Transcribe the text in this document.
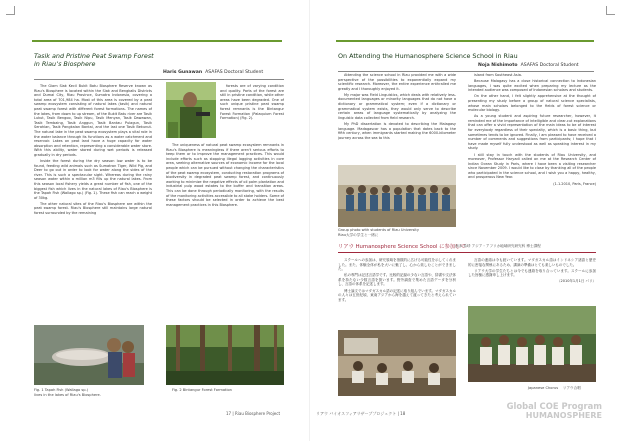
Tasik and Pristine Peat Swamp Forest
in Riau’s Biosphere
Haris Gunawan ASAFAS Doctoral Student

The Giam Siak Kecil Bukit Batu Biosphere Reserve known as Riau's Biosphere is located within the Siak and Bengkalis Districts and Dumai City, Riau Province, Sumatra Indonesia, covering a total area of 701,984 ha. Most of this area is covered by a peat swamp ecosystem consisting of natural lakes (tasik) and natural peat swamp forest with different forest formations. The names of the lakes, from down to up stream, of the Bukit Batu river are Tasik Lukut, Tasik Bengoo, Tasik Nipu, Tasik Menyan, Tasik Dawawan, Tasik Tembaing, Tasik Anggun, Tasik Bantau Pulagun, Tasik Serahlan, Tasik Pangkalan Bantai, and the last one Tasik Bekunut. The natural lake in the peat swamp ecosystem plays a vital role in the water balance through its functions as a water catchment and reservoir. Lakes on peat land have a huge capacity for water absorption and retention, representing a considerable water store. With this ability, water stored during wet periods is released gradually in dry periods.

Inside the forest during the dry season low water is to be found, feeding wild animals such as Sumatran Tiger, Wild Pig, and Deer to go out in order to look for water along the sides of the river. This is such a spectacular sight. Whereas during the rainy season water within a million m3 fills up the natural lakes. From this season local fishery yields a great number of fish, one of the biggest fish which lives in the natural lakes of Riau's Biosphere is the Tapah Fish (Wallago sp.) (Fig. 1). These fish can reach a weight of 30kg.

The other natural sites of the Riau's Biosphere are within the peat swamp forest. Riau's Biosphere still maintains large natural forest surrounded by the remaining

forests are of varying condition and quality. Parts of the forest are still in pristine condition, while other areas have been degraded. One of such unique pristine peat swamp forest remnants is the Bintangur Forest Formation (Palaquium Forest Formation) (Fig. 2).

The uniqueness of natural peat swamp ecosystem remnants in Riau's Biosphere is meaningless if there aren't serious efforts to keep them or to improve the management practices. This would include efforts such as stopping illegal logging activities in core area, seeking alternative sources of economic income for the local people which can be pursued without changing the characteristics of the peat swamp ecosystem, conducting restoration programs of biodiversity in degraded peat swamp forest, and continuously working to minimize the negative effects of oil palm plantation and industrial pulp wood estates to the buffer and transition areas. This can be done through periodically monitoring, with the results of the monitoring activities accessible to all stake holders. Some of these factors should be selected in order to achieve the best management practices in this Biosphere.

Fig. 1 Tapah Fish (Wallago sp.)
lives in the lakes of Riau's Biosphere.
Fig. 2 Bintangur Forest Formation
17 | Riau Biosphere Project
On Attending the Humanosphere Science School in Riau
Noja Nishimoto ASAFAS Doctoral Student

Attending the science school in Riau provided me with a wide perspective of the possibilities to exponentially expand my scientific research. Moreover, the entire experience enthralled me greatly and I thoroughly enjoyed it.

My major was Field Linguistics, which deals with relatively less-documented languages or minority languages that do not have a dictionary or grammatical system; even if a dictionary or grammatical system exists, they would only serve to describe certain areas of language systematically by analyzing the linguistic data collected from field research.

My PhD dissertation is devoted to describing the Malagasy language. Madagascar has a population that dates back to the fifth century, when immigrants started making the 6000-kilometer journey across the sea to this

Group photo with students of Riau University
Riau大学の学生と一緒に

island from Southeast Asia.

Because Malagasy has a close historical connection to Indonesian languages, I was quite excited when preparing my lecture as the intended audience was composed of Indonesian scholars and students.

On the other hand, I felt slightly apprehensive at the thought of presenting my study before a group of natural science specialists, whose main scholars belonged to the fields of forest science or molecular biology.

As a young student and aspiring future researcher, however, it reminded me of the importance of intelligible and clear-cut explanations that can offer a vivid representation of the main ideas to be of interest for everybody regardless of their specialty, which is a basic thing, but sometimes tends to be ignored. Finally, I am pleased to have received a number of comments and suggestions from participants; I hope that I have made myself fully understood as well as speaking interest in my study.

I still stay in touch with the students of Riau University, and moreover, Professor Haryadi called on me at the Research Center of Indian Ocean Study in Paris, where I have been a visiting researcher since November 2009. I would like to close by thanking all of the people who participated in the science school, and I wish you a happy, healthy, and prosperous New Year.

(1.1.2010, Paris, France)

リアウ Humanosphere Science School に参加して
西本 希呼 アジア・アフリカ地域研究研究科 博士課程

スクールへの参加は、研究領域を指数的に広げる可能性を示してくれました。また、体験全体が私を大いに魅了し、心から楽しむことができました。

私の専門は記述言語学です。比較的記録の少ない言語や、辞書や文法体系を持たない少数言語を扱います。野外調査で集めた言語データを分析し、言語の体系を記述します。

博士論文ではマダガスカル語の記述に取り組んでいます。マダガスカルの人々は五世紀頃、東南アジアから海を越えて渡ってきたと考えられています。

言語の連絡は今も続いています。マダガスカル語はインドネシア諸語と歴史的に密接な関係にあるため、講演の準備はとても楽しいものでした。

リアウ大学の学生たちとは今でも連絡を取り合っています。スクールに参加した皆様に感謝申し上げます。

（2010年1月1日 パリ）

Japanese Chorus 　リアウ合唱
リアウ バイオスフィアリザーブプロジェクト | 18
Global COE Program
HUMANOSPHERE
